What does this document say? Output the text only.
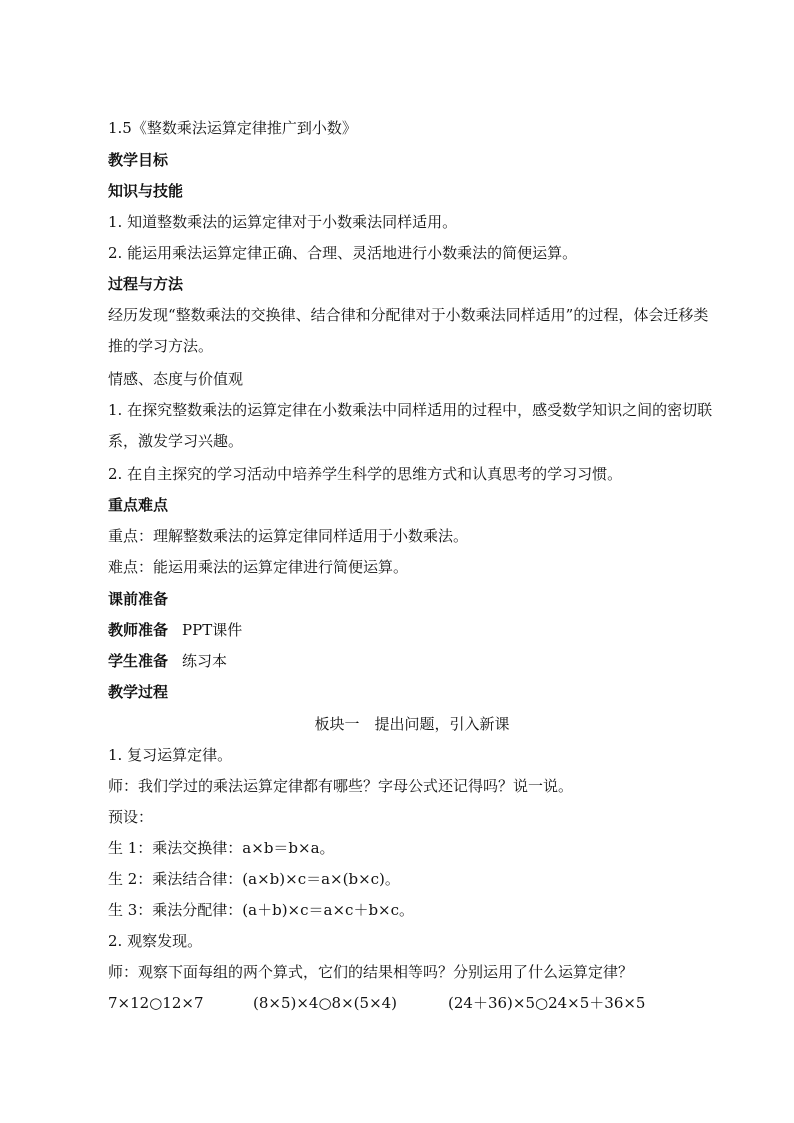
1.5《整数乘法运算定律推广到小数》
教学目标
知识与技能
1. 知道整数乘法的运算定律对于小数乘法同样适用。
2. 能运用乘法运算定律正确、合理、灵活地进行小数乘法的简便运算。
过程与方法
经历发现“整数乘法的交换律、结合律和分配律对于小数乘法同样适用”的过程，体会迁移类推的学习方法。
情感、态度与价值观
1. 在探究整数乘法的运算定律在小数乘法中同样适用的过程中，感受数学知识之间的密切联系，激发学习兴趣。
2. 在自主探究的学习活动中培养学生科学的思维方式和认真思考的学习习惯。
重点难点
重点：理解整数乘法的运算定律同样适用于小数乘法。
难点：能运用乘法的运算定律进行简便运算。
课前准备
教师准备 PPT课件
学生准备 练习本
教学过程
板块一　提出问题，引入新课
1. 复习运算定律。
师：我们学过的乘法运算定律都有哪些？字母公式还记得吗？说一说。
预设：
生 1：乘法交换律：a×b＝b×a。
生 2：乘法结合律：(a×b)×c＝a×(b×c)。
生 3：乘法分配律：(a＋b)×c＝a×c＋b×c。
2. 观察发现。
师：观察下面每组的两个算式，它们的结果相等吗？分别运用了什么运算定律？
7×12○12×7	(8×5)×4○8×(5×4)	(24＋36)×5○24×5＋36×5
